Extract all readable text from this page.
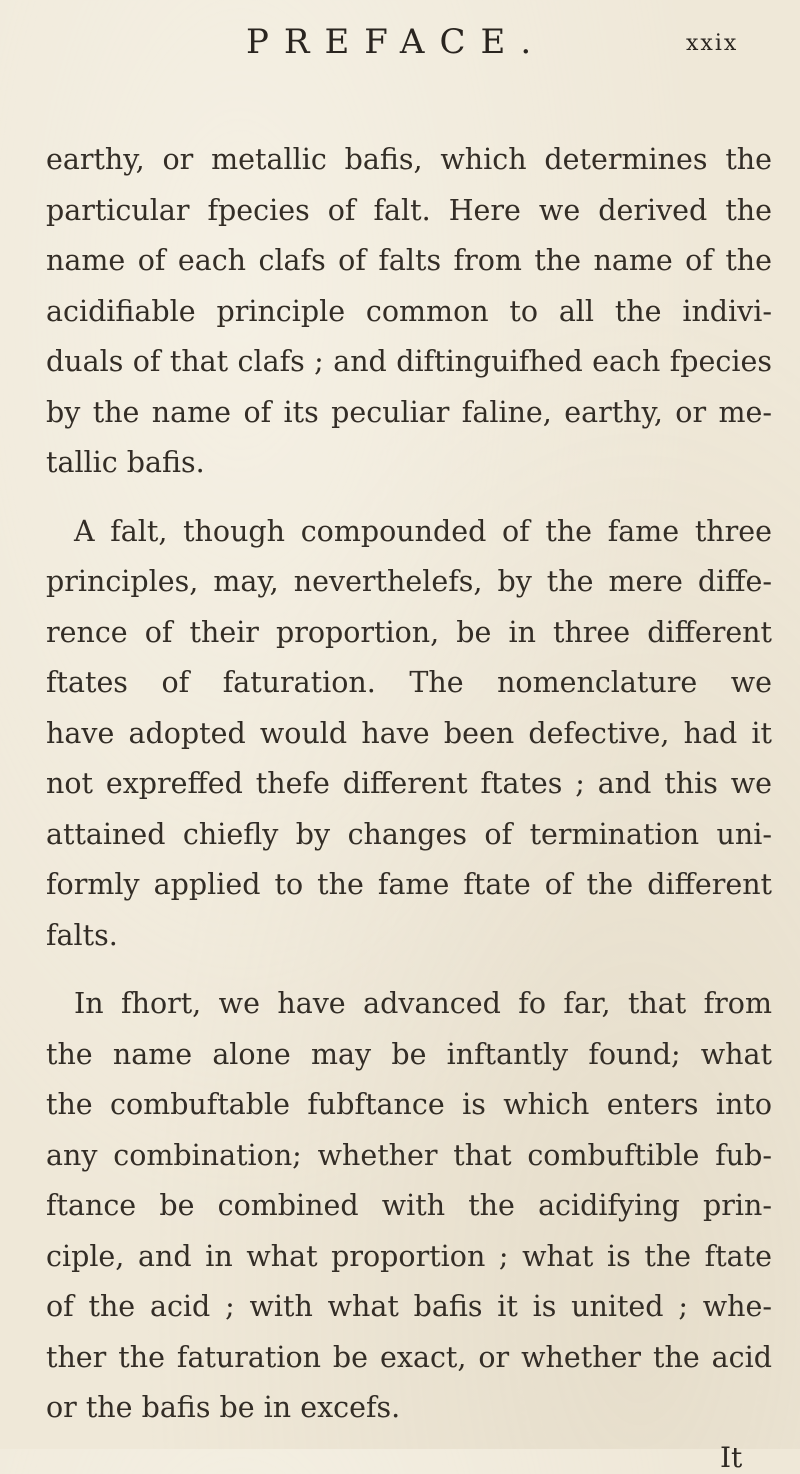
PREFACE.	xxix
earthy, or metallic bafis, which determines the
particular fpecies of falt. Here we derived the
name of each clafs of falts from the name of the
acidifiable principle common to all the indivi-
duals of that clafs ; and diftinguifhed each fpecies
by the name of its peculiar faline, earthy, or me-
tallic bafis.
A falt, though compounded of the fame three
principles, may, neverthelefs, by the mere diffe-
rence of their proportion, be in three different
ftates of faturation. The nomenclature we
have adopted would have been defective, had it
not expreffed thefe different ftates ; and this we
attained chiefly by changes of termination uni-
formly applied to the fame ftate of the different
falts.
In fhort, we have advanced fo far, that from
the name alone may be inftantly found; what
the combuftable fubftance is which enters into
any combination; whether that combuftible fub-
ftance be combined with the acidifying prin-
ciple, and in what proportion ; what is the ftate
of the acid ; with what bafis it is united ; whe-
ther the faturation be exact, or whether the acid
or the bafis be in excefs.
It
